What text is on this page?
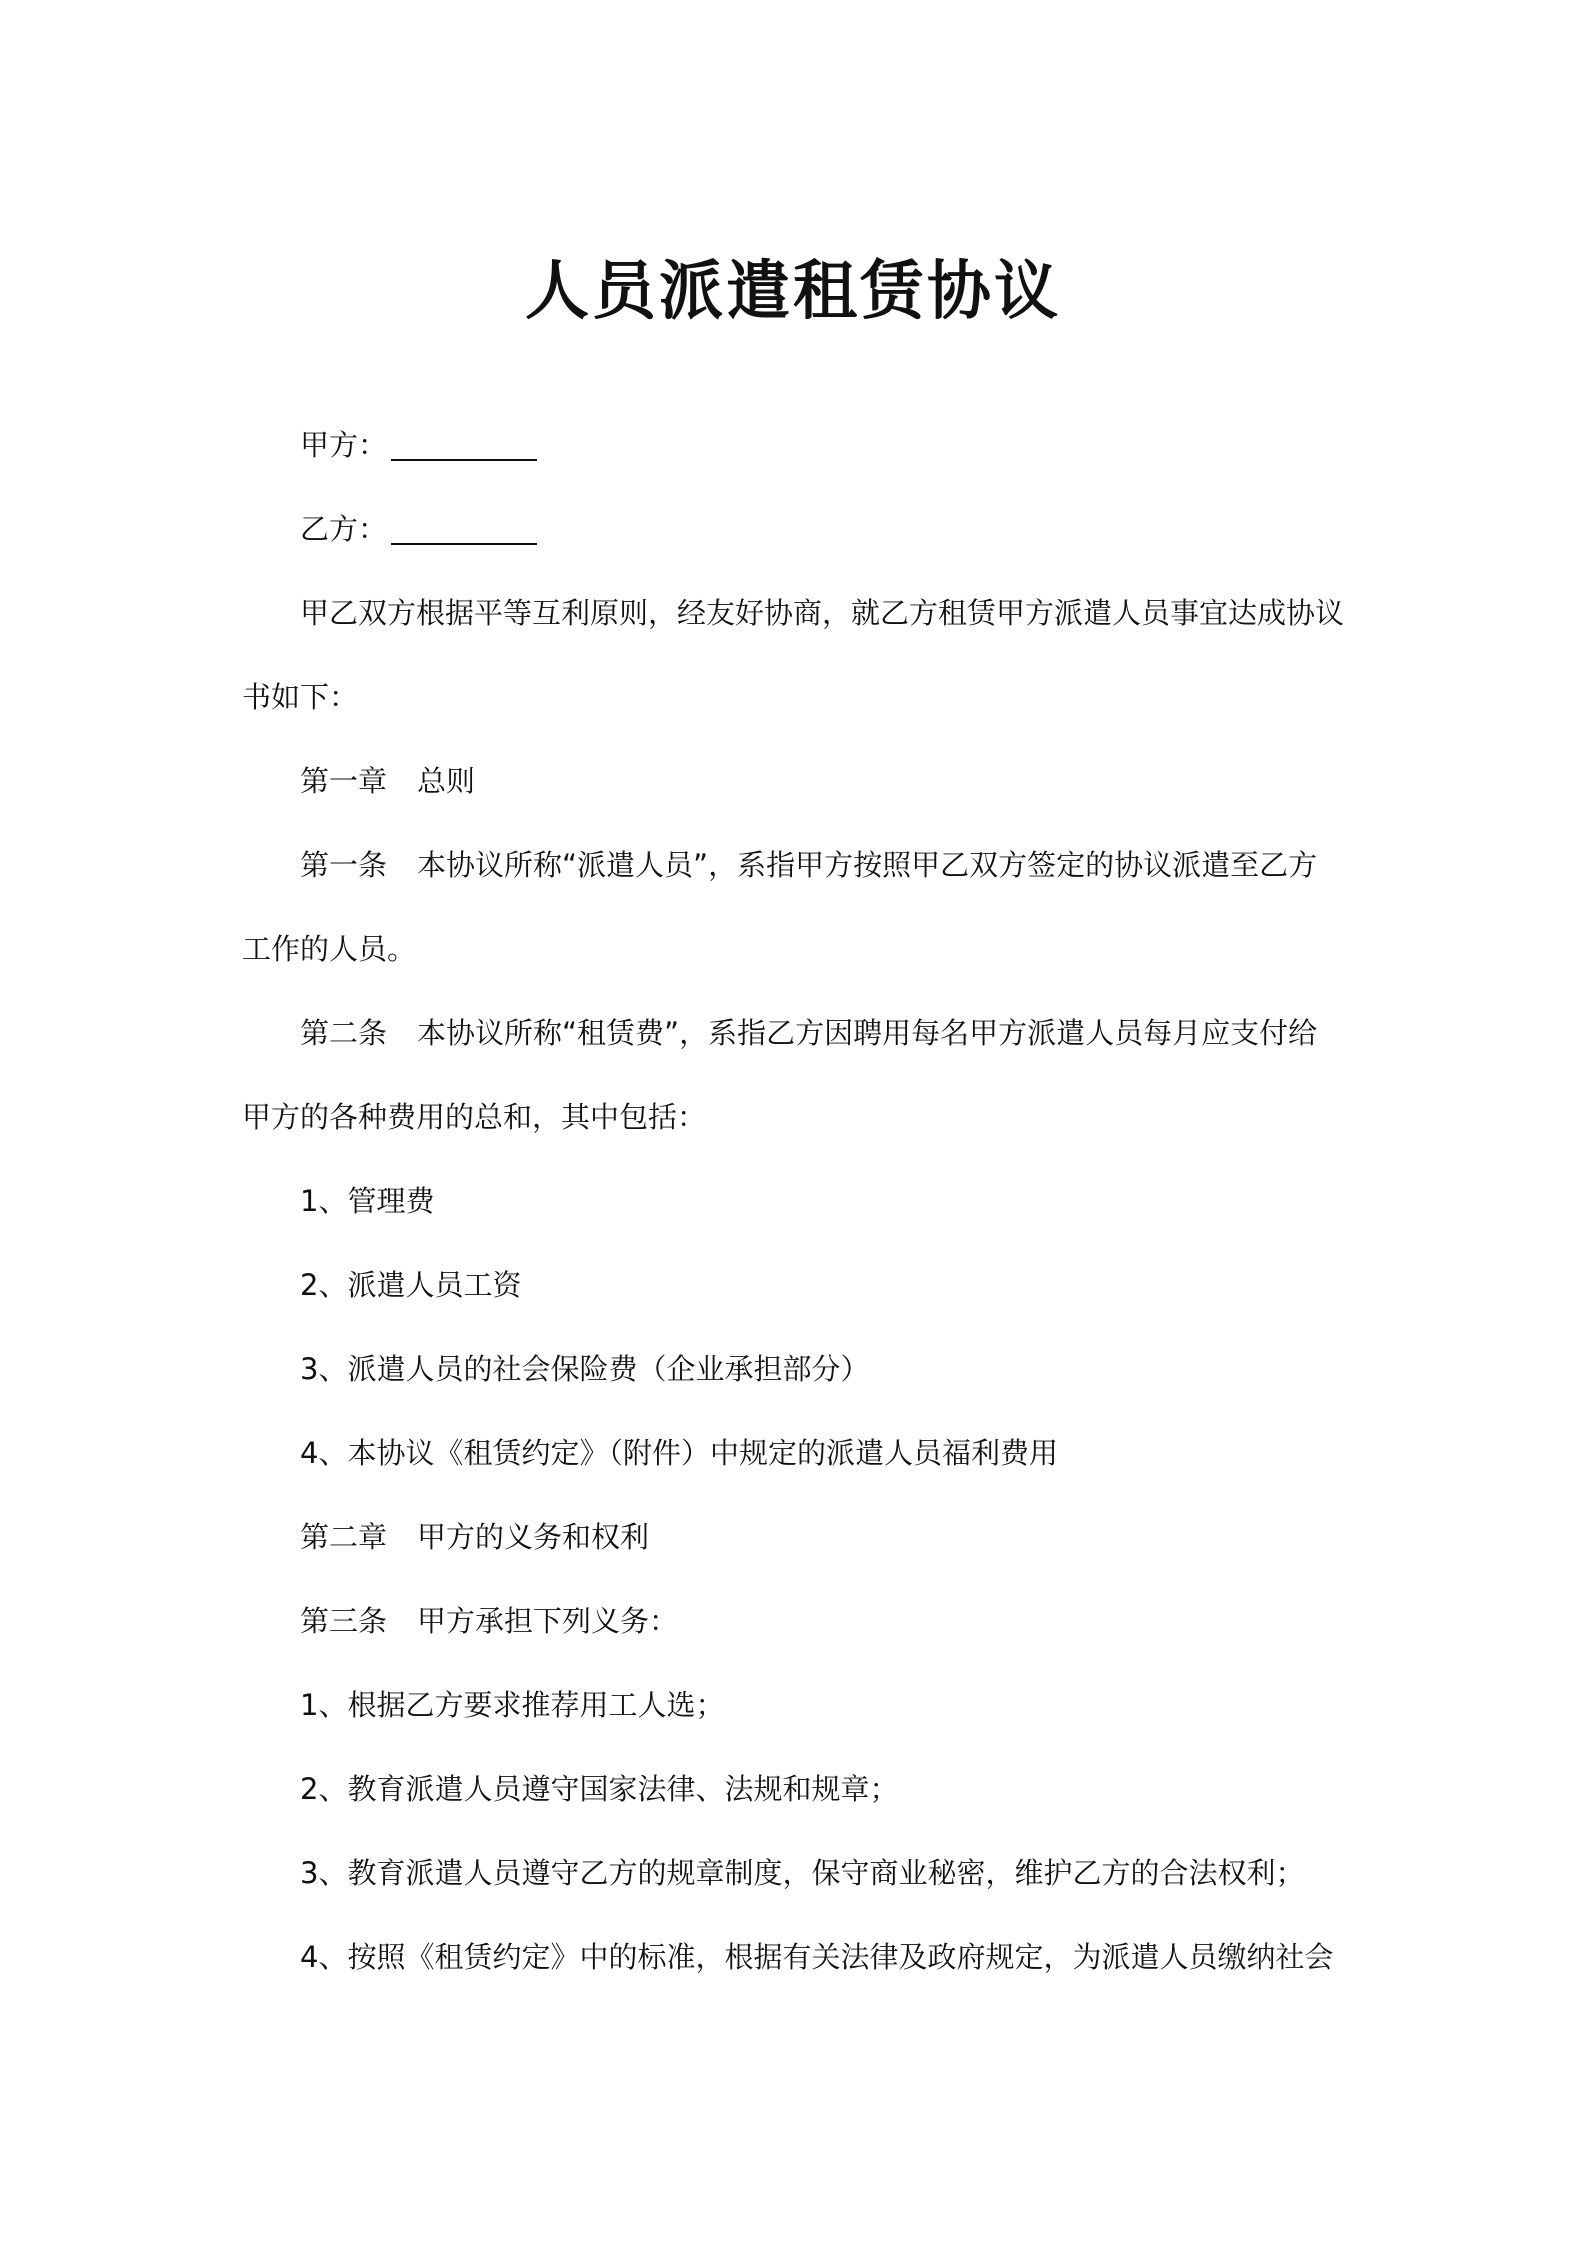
人员派遣租赁协议
甲方：
乙方：
甲乙双方根据平等互利原则，经友好协商，就乙方租赁甲方派遣人员事宜达成协议
书如下：
第一章 总则
第一条 本协议所称“派遣人员”，系指甲方按照甲乙双方签定的协议派遣至乙方
工作的人员。
第二条 本协议所称“租赁费”，系指乙方因聘用每名甲方派遣人员每月应支付给
甲方的各种费用的总和，其中包括：
1、管理费
2、派遣人员工资
3、派遣人员的社会保险费（企业承担部分）
4、本协议《租赁约定》（附件）中规定的派遣人员福利费用
第二章 甲方的义务和权利
第三条 甲方承担下列义务：
1、根据乙方要求推荐用工人选；
2、教育派遣人员遵守国家法律、法规和规章；
3、教育派遣人员遵守乙方的规章制度，保守商业秘密，维护乙方的合法权利；
4、按照《租赁约定》中的标准，根据有关法律及政府规定，为派遣人员缴纳社会
